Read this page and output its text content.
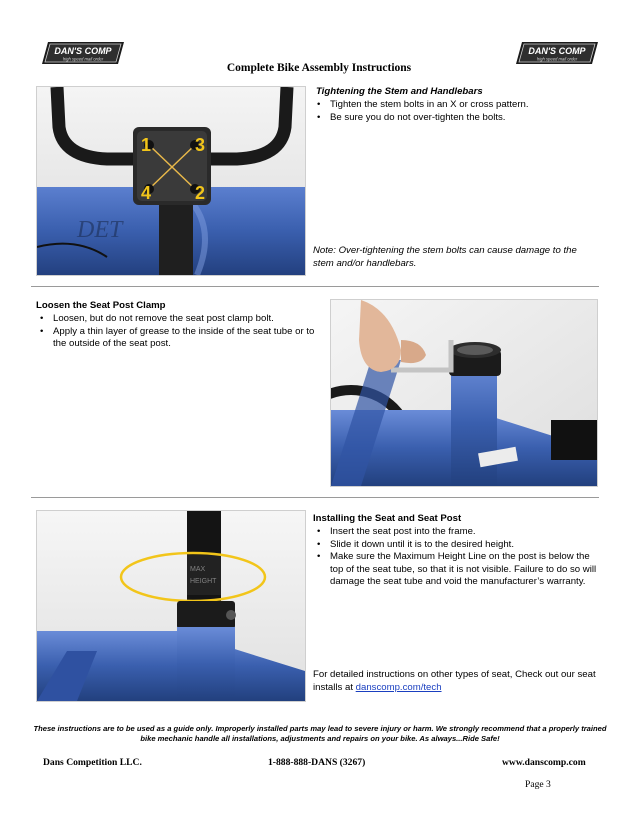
DAN'S COMP
high speed mail order
DAN'S COMP
high speed mail order
Complete Bike Assembly Instructions
DET
1 3
4 2
Tightening the Stem and Handlebars
• Tighten the stem bolts in an X or cross pattern.
• Be sure you do not over-tighten the bolts.
Note: Over-tightening the stem bolts can cause damage to the stem and/or handlebars.
Loosen the Seat Post Clamp
• Loosen, but do not remove the seat post clamp bolt.
• Apply a thin layer of grease to the inside of the seat tube or to the outside of the seat post.
MAX
HEIGHT
Installing the Seat and Seat Post
• Insert the seat post into the frame.
• Slide it down until it is to the desired height.
• Make sure the Maximum Height Line on the post is below the top of the seat tube, so that it is not visible. Failure to do so will damage the seat tube and void the manufacturer’s warranty.
For detailed instructions on other types of seat, Check out our seat installs at danscomp.com/tech
These instructions are to be used as a guide only. Improperly installed parts may lead to severe injury or harm. We strongly recommend that a properly trained bike mechanic handle all installations, adjustments and repairs on your bike. As always...Ride Safe!
Dans Competition LLC.	1-888-888-DANS (3267)	www.danscomp.com
Page 3
